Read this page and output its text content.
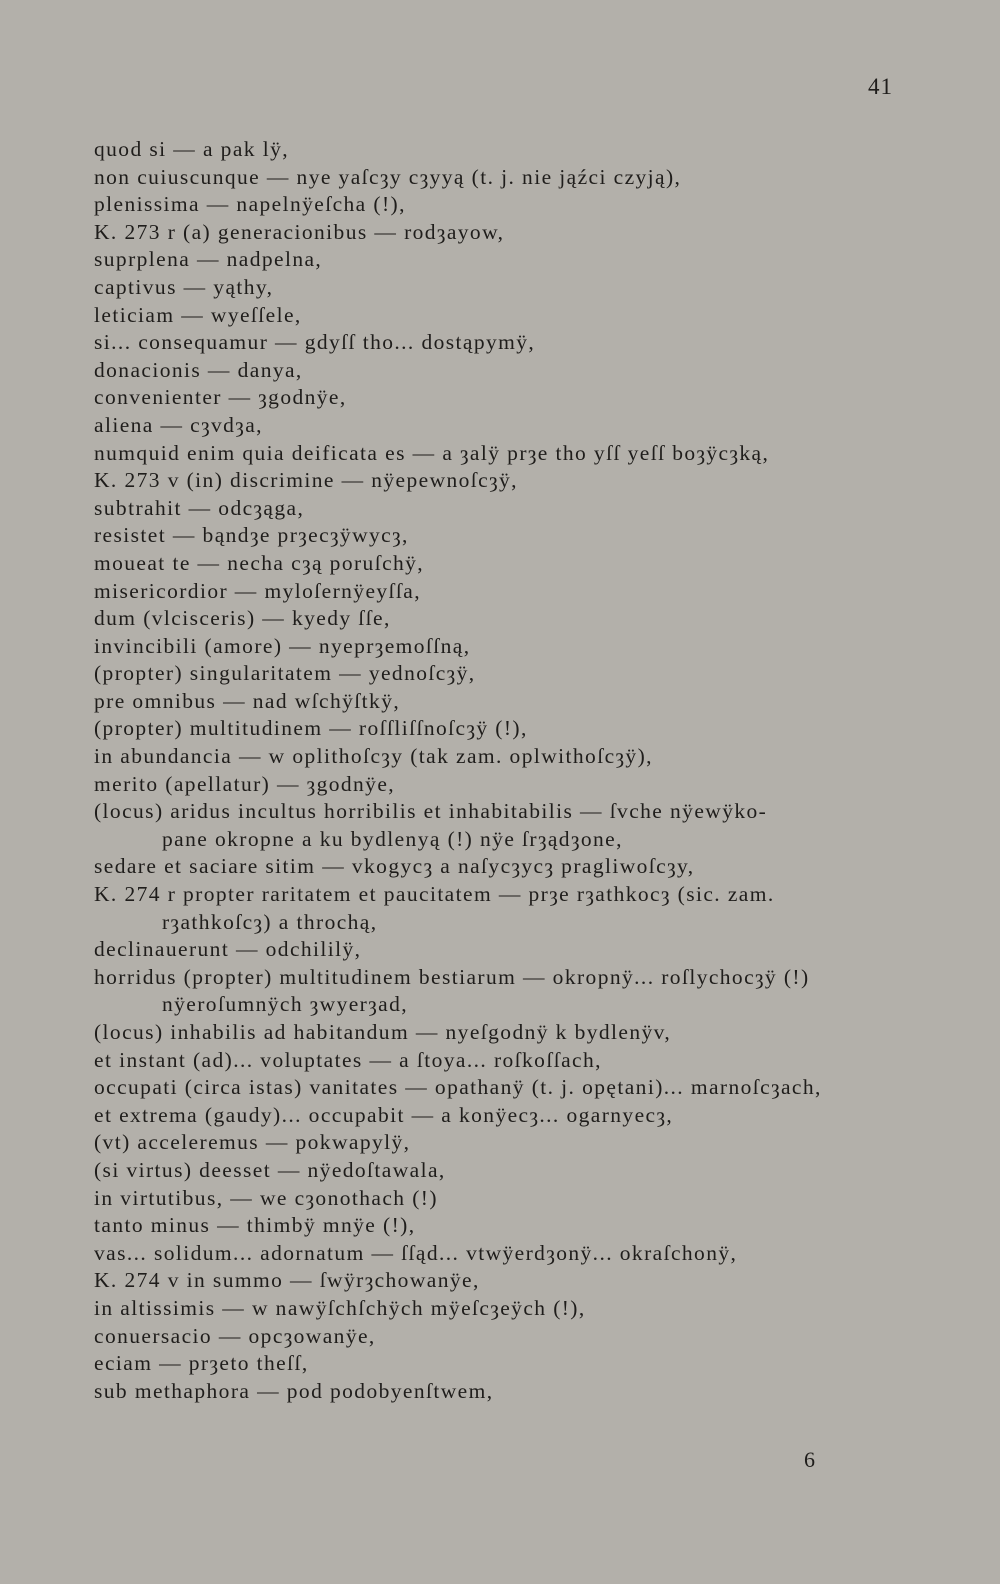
41
quod si — a pak lÿ,
non cuiuscunque — nye yaſcȝy cȝyyą (t. j. nie jąźci czyją),
plenissima — napelnÿeſcha (!),
K. 273 r (a) generacionibus — rodȝayow,
suprplena — nadpelna,
captivus — yąthy,
leticiam — wyeſſele,
si... consequamur — gdyſſ tho... dostąpymÿ,
donacionis — danya,
convenienter — ȝgodnÿe,
aliena — cȝvdȝa,
numquid enim quia deificata es — a ȝalÿ prȝe tho yſſ yeſſ boȝÿcȝką,
K. 273 v (in) discrimine — nÿepewnoſcȝÿ,
subtrahit — odcȝąga,
resistet — bąndȝe prȝecȝÿwycȝ,
moueat te — necha cȝą poruſchÿ,
misericordior — myloſernÿeyſſa,
dum (vlcisceris) — kyedy ſſe,
invincibili (amore) — nyeprȝemoſſną,
(propter) singularitatem — yednoſcȝÿ,
pre omnibus — nad wſchÿſtkÿ,
(propter) multitudinem — roſſliſſnoſcȝÿ (!),
in abundancia — w oplithoſcȝy (tak zam. oplwithoſcȝÿ),
merito (apellatur) — ȝgodnÿe,
(locus) aridus incultus horribilis et inhabitabilis — ſvche nÿewÿko-
pane okropne a ku bydlenyą (!) nÿe ſrȝądȝone,
sedare et saciare sitim — vkogycȝ a naſycȝycȝ pragliwoſcȝy,
K. 274 r propter raritatem et paucitatem — prȝe rȝathkocȝ (sic. zam.
rȝathkoſcȝ) a throchą,
declinauerunt — odchililÿ,
horridus (propter) multitudinem bestiarum — okropnÿ... roſlychocȝÿ (!)
nÿeroſumnÿch ȝwyerȝad,
(locus) inhabilis ad habitandum — nyeſgodnÿ k bydlenÿv,
et instant (ad)... voluptates — a ſtoya... roſkoſſach,
occupati (circa istas) vanitates — opathanÿ (t. j. opętani)... marnoſcȝach,
et extrema (gaudy)... occupabit — a konÿecȝ... ogarnyecȝ,
(vt) acceleremus — pokwapylÿ,
(si virtus) deesset — nÿedoſtawala,
in virtutibus, — we cȝonothach (!)
tanto minus — thimbÿ mnÿe (!),
vas... solidum... adornatum — ſſąd... vtwÿerdȝonÿ... okraſchonÿ,
K. 274 v in summo — ſwÿrȝchowanÿe,
in altissimis — w nawÿſchſchÿch mÿeſcȝeÿch (!),
conuersacio — opcȝowanÿe,
eciam — prȝeto theſſ,
sub methaphora — pod podobyenſtwem,
6
